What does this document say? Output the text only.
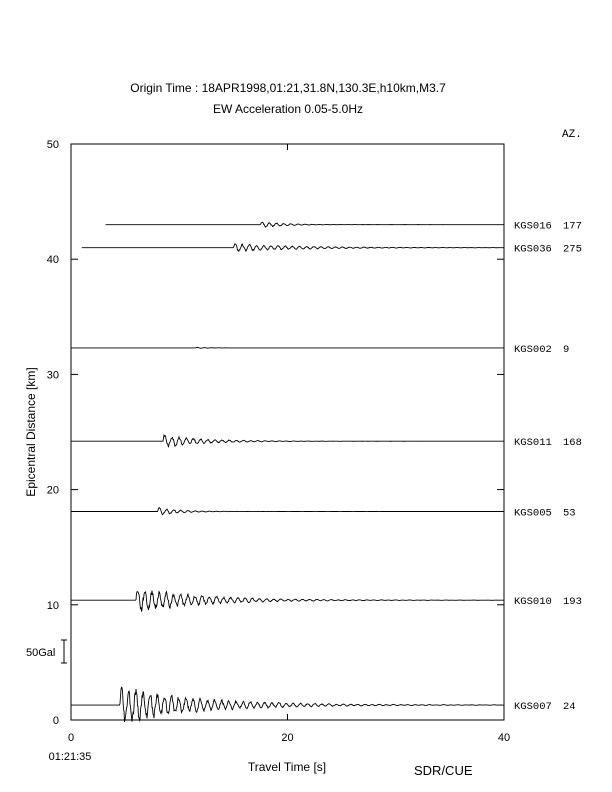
Origin Time : 18APR1998,01:21,31.8N,130.3E,h10km,M3.7
EW Acceleration 0.05-5.0Hz
AZ.
0
10
20
30
40
50
0	20	40
KGS016 177
KGS036 275
KGS002 9
KGS011 168
KGS005 53
KGS010 193
KGS007 24
Epicentral Distance [km]
Travel Time [s]
01:21:35
50Gal
SDR/CUE
